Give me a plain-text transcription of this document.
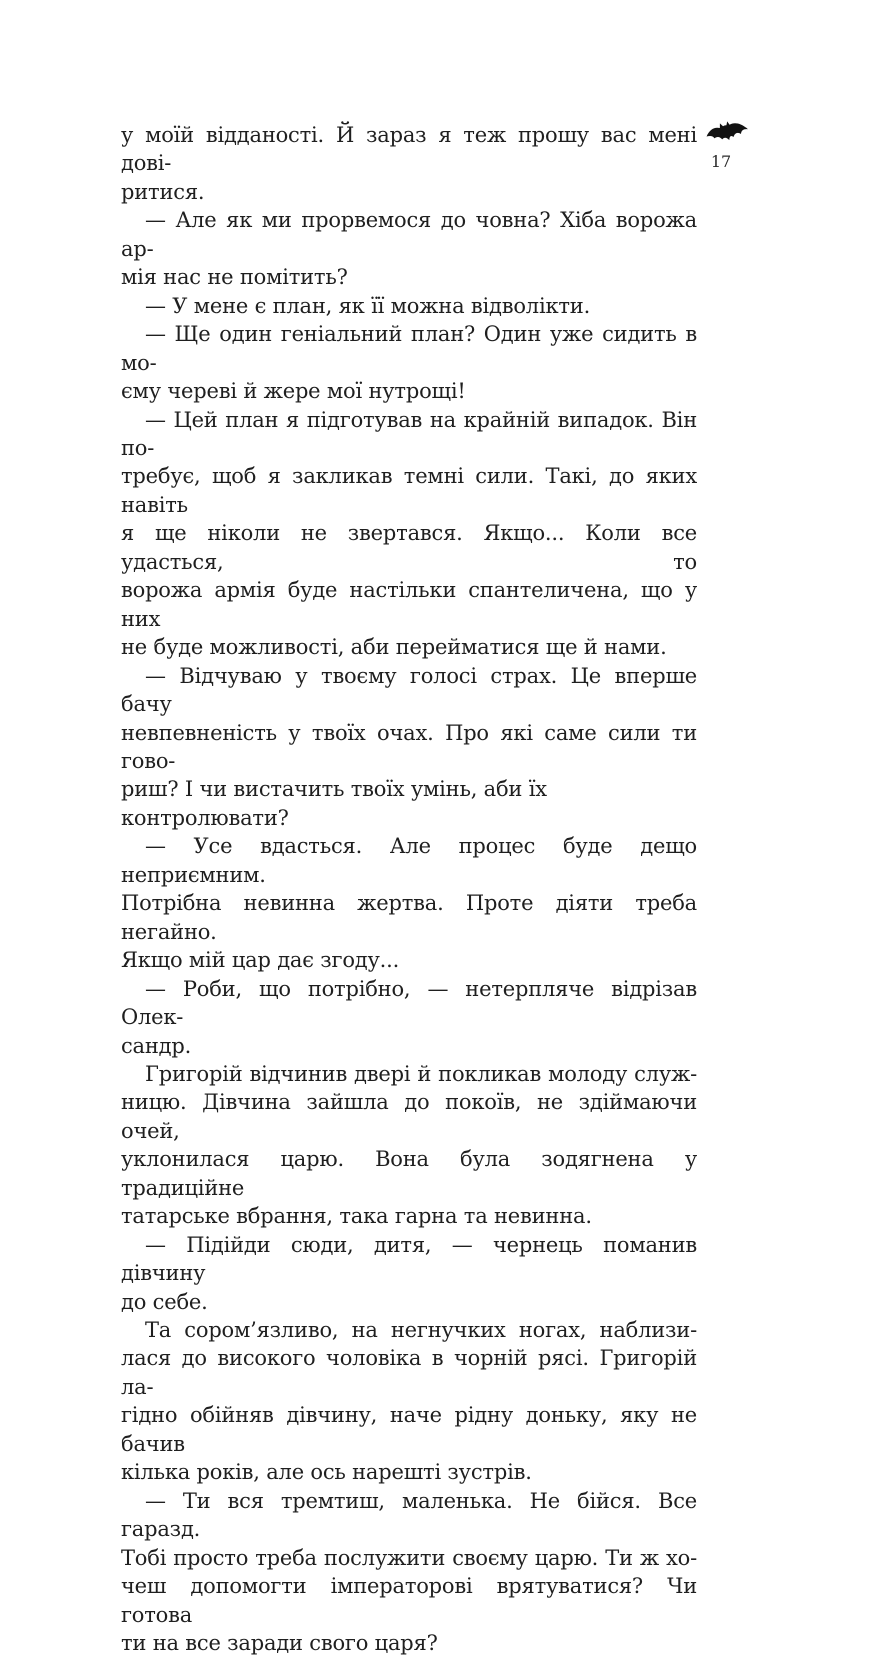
17
у моїй відданості. Й зараз я теж прошу вас мені дові-
ритися.
— Але як ми прорвемося до човна? Хіба ворожа ар-
мія нас не помітить?
— У мене є план, як її можна відволікти.
— Ще один геніальний план? Один уже сидить в мо-
єму череві й жере мої нутрощі!
— Цей план я підготував на крайній випадок. Він по-
требує, щоб я закликав темні сили. Такі, до яких навіть
я ще ніколи не звертався. Якщо... Коли все удасться, то
ворожа армія буде настільки спантеличена, що у них
не буде можливості, аби перейматися ще й нами.
— Відчуваю у твоєму голосі страх. Це вперше бачу
невпевненість у твоїх очах. Про які саме сили ти гово-
риш? І чи вистачить твоїх умінь, аби їх контролювати?
— Усе вдасться. Але процес буде дещо неприємним.
Потрібна невинна жертва. Проте діяти треба негайно.
Якщо мій цар дає згоду...
— Роби, що потрібно, — нетерпляче відрізав Олек-
сандр.
Григорій відчинив двері й покликав молоду служ-
ницю. Дівчина зайшла до покоїв, не здіймаючи очей,
уклонилася царю. Вона була зодягнена у традиційне
татарське вбрання, така гарна та невинна.
— Підійди сюди, дитя, — чернець поманив дівчину
до себе.
Та сором’язливо, на негнучких ногах, наблизи-
лася до високого чоловіка в чорній рясі. Григорій ла-
гідно обійняв дівчину, наче рідну доньку, яку не бачив
кілька років, але ось нарешті зустрів.
— Ти вся тремтиш, маленька. Не бійся. Все гаразд.
Тобі просто треба послужити своєму царю. Ти ж хо-
чеш допомогти імператорові врятуватися? Чи готова
ти на все заради свого царя?
